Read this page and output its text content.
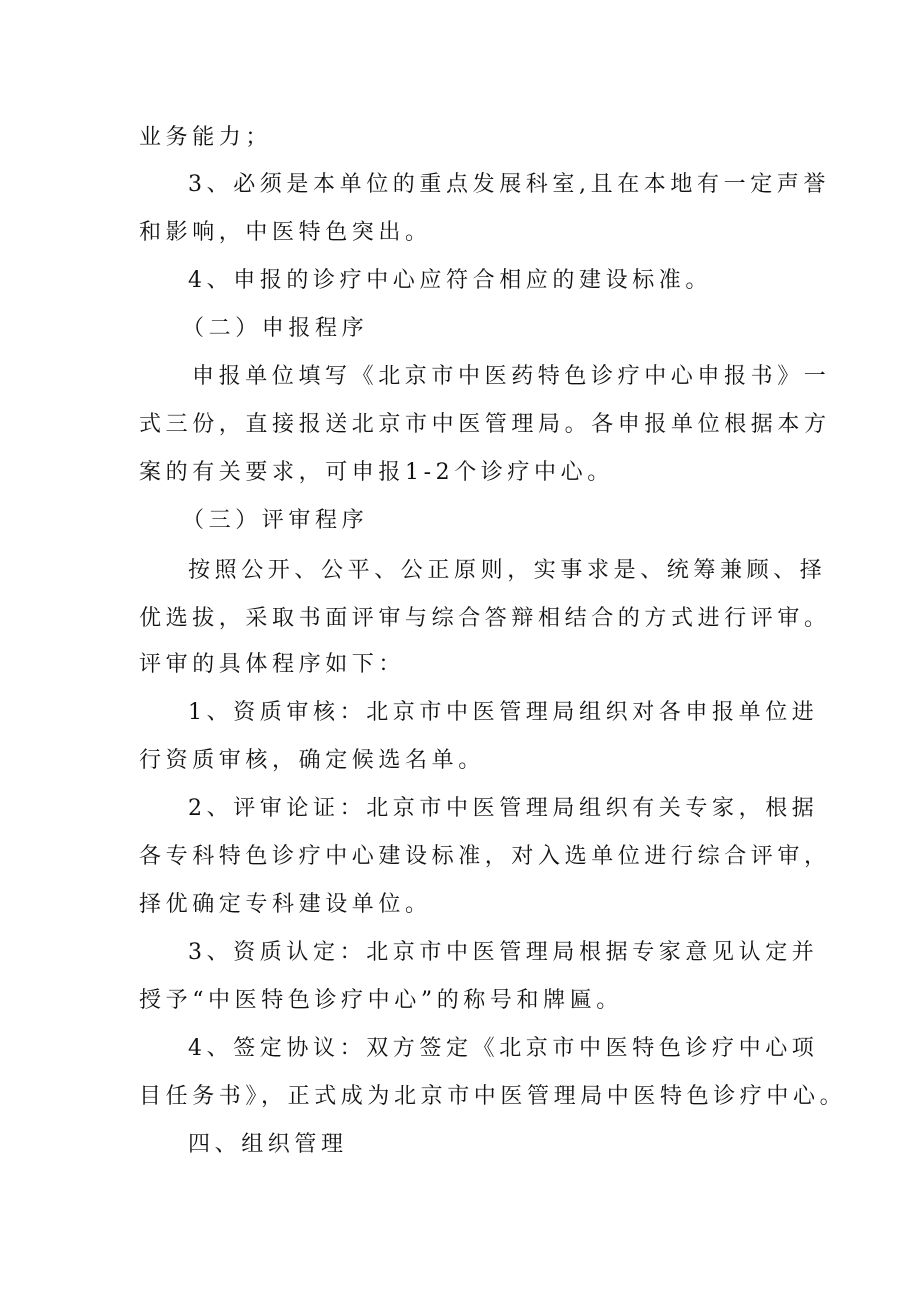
业务能力；
3、必须是本单位的重点发展科室,且在本地有一定声誉
和影响，中医特色突出。
4、申报的诊疗中心应符合相应的建设标准。
（二）申报程序
申报单位填写《北京市中医药特色诊疗中心申报书》一
式三份，直接报送北京市中医管理局。各申报单位根据本方
案的有关要求，可申报1-2个诊疗中心。
（三）评审程序
按照公开、公平、公正原则，实事求是、统筹兼顾、择
优选拔，采取书面评审与综合答辩相结合的方式进行评审。
评审的具体程序如下：
1、资质审核：北京市中医管理局组织对各申报单位进
行资质审核，确定候选名单。
2、评审论证：北京市中医管理局组织有关专家，根据
各专科特色诊疗中心建设标准，对入选单位进行综合评审，
择优确定专科建设单位。
3、资质认定：北京市中医管理局根据专家意见认定并
授予“中医特色诊疗中心”的称号和牌匾。
4、签定协议：双方签定《北京市中医特色诊疗中心项
目任务书》，正式成为北京市中医管理局中医特色诊疗中心。
四、组织管理
